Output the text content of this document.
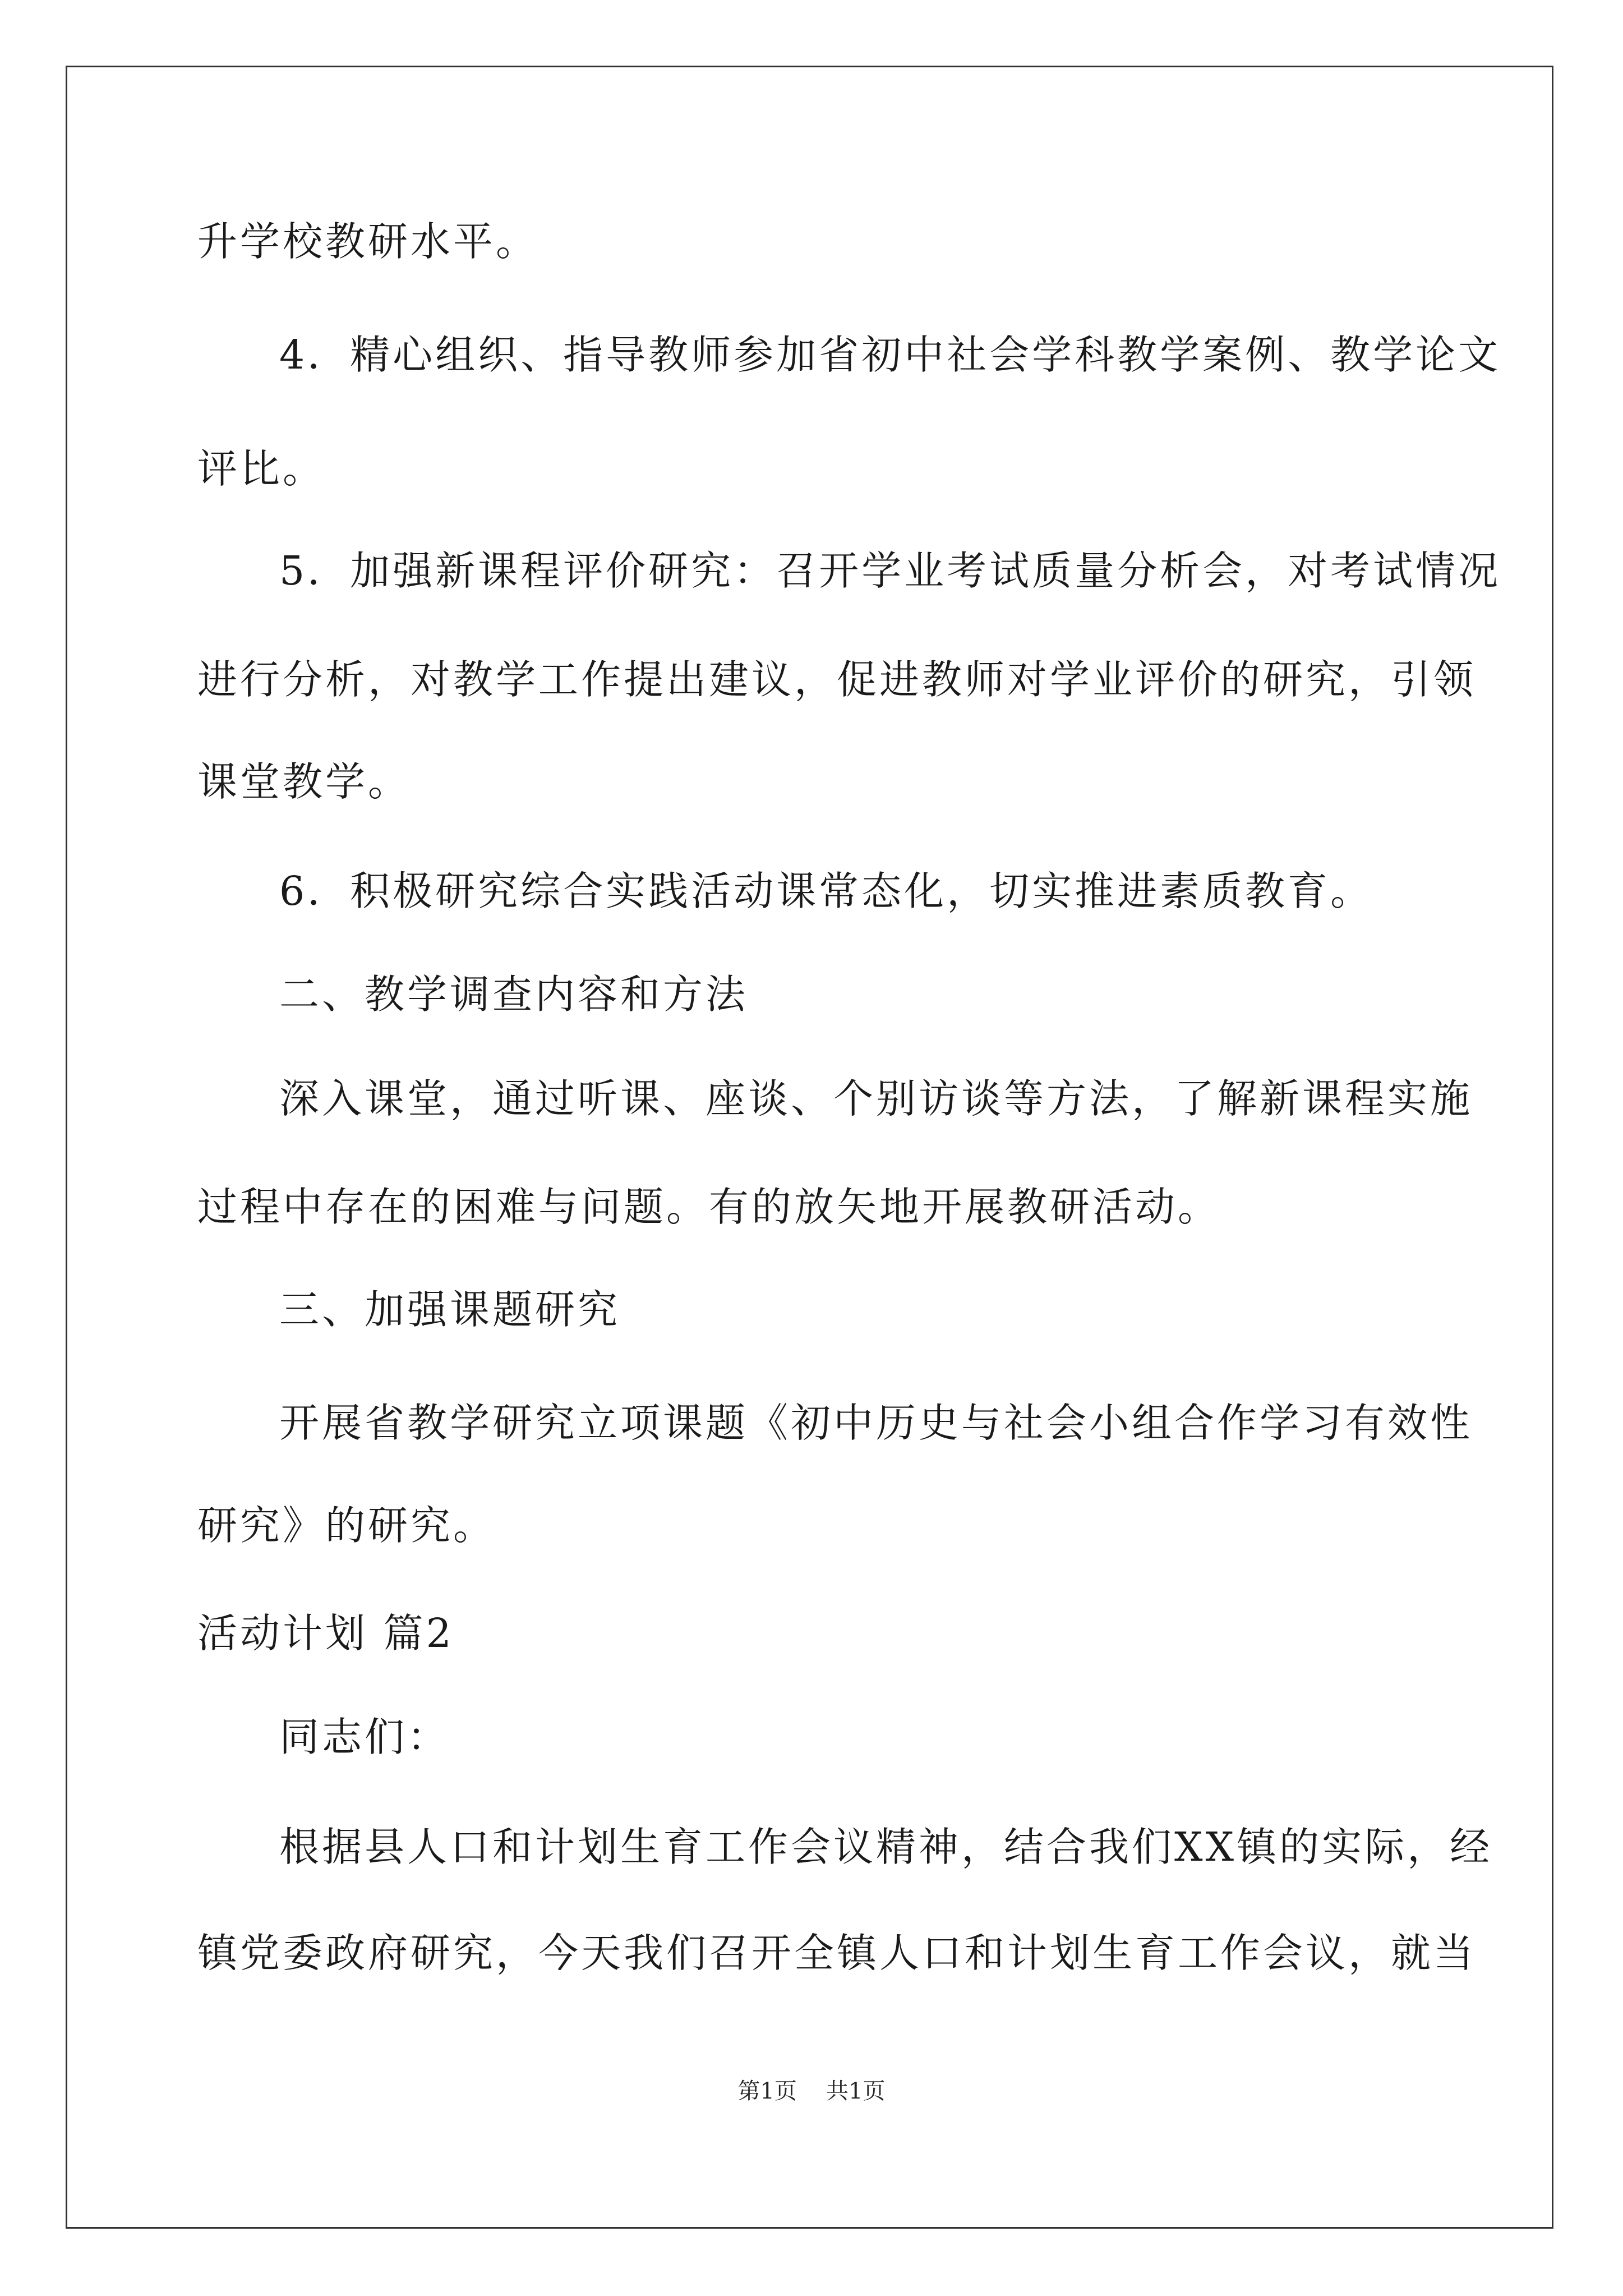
升学校教研水平。
4．精心组织、指导教师参加省初中社会学科教学案例、教学论文
评比。
5．加强新课程评价研究：召开学业考试质量分析会，对考试情况
进行分析，对教学工作提出建议，促进教师对学业评价的研究，引领
课堂教学。
6．积极研究综合实践活动课常态化，切实推进素质教育。
二、教学调查内容和方法
深入课堂，通过听课、座谈、个别访谈等方法，了解新课程实施
过程中存在的困难与问题。有的放矢地开展教研活动。
三、加强课题研究
开展省教学研究立项课题《初中历史与社会小组合作学习有效性
研究》的研究。
活动计划 篇2
同志们：
根据县人口和计划生育工作会议精神，结合我们XX镇的实际，经
镇党委政府研究，今天我们召开全镇人口和计划生育工作会议，就当
第1页 共1页
